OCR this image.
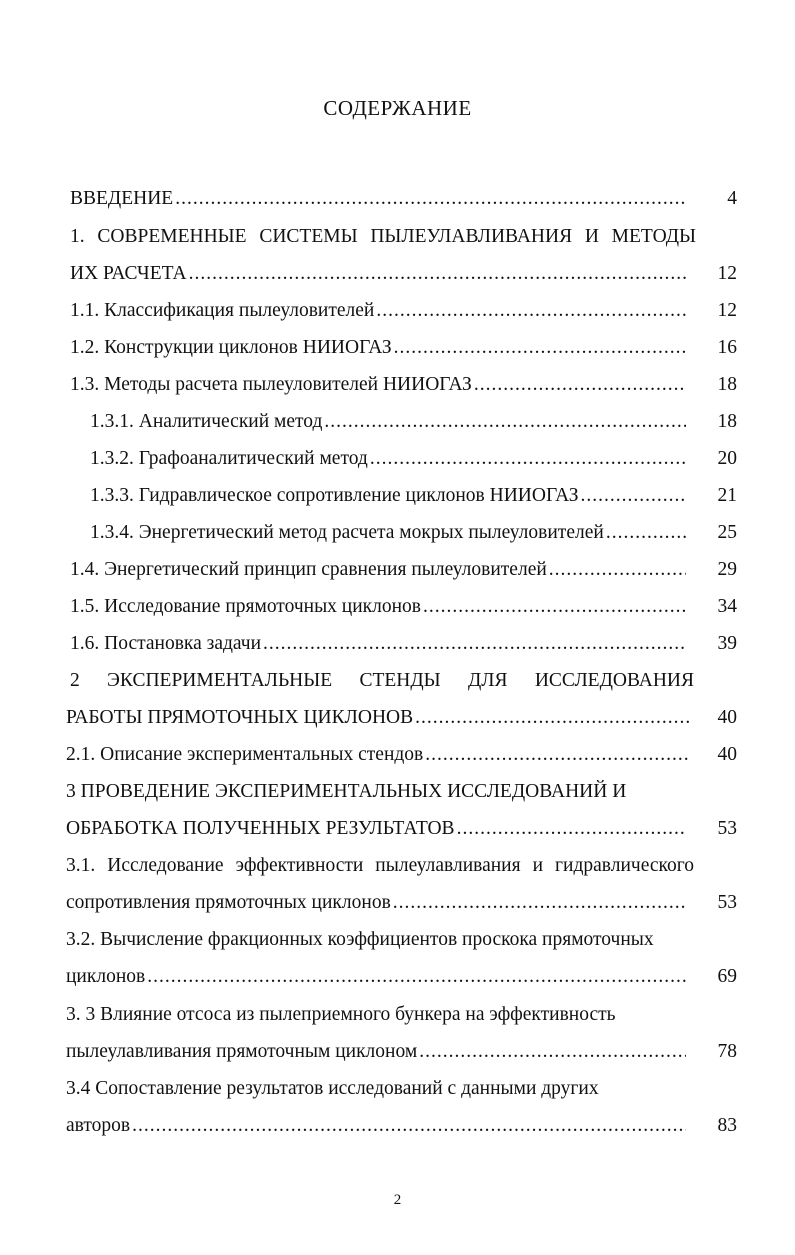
СОДЕРЖАНИЕ
ВВЕДЕНИЕ .....	4
1. СОВРЕМЕННЫЕ СИСТЕМЫ ПЫЛЕУЛАВЛИВАНИЯ И МЕТОДЫ
ИХ РАСЧЕТА .....	12
1.1. Классификация пылеуловителей .....	12
1.2. Конструкции циклонов НИИОГАЗ .....	16
1.3. Методы расчета пылеуловителей НИИОГАЗ .....	18
1.3.1. Аналитический метод .....	18
1.3.2. Графоаналитический метод .....	20
1.3.3. Гидравлическое сопротивление циклонов НИИОГАЗ .....	21
1.3.4. Энергетический метод расчета мокрых пылеуловителей .....	25
1.4. Энергетический принцип сравнения пылеуловителей .....	29
1.5. Исследование прямоточных циклонов .....	34
1.6. Постановка задачи .....	39
2 ЭКСПЕРИМЕНТАЛЬНЫЕ СТЕНДЫ ДЛЯ ИССЛЕДОВАНИЯ
РАБОТЫ ПРЯМОТОЧНЫХ ЦИКЛОНОВ .....	40
2.1. Описание экспериментальных стендов .....	40
3 ПРОВЕДЕНИЕ ЭКСПЕРИМЕНТАЛЬНЫХ ИССЛЕДОВАНИЙ И
ОБРАБОТКА ПОЛУЧЕННЫХ РЕЗУЛЬТАТОВ .....	53
3.1. Исследование эффективности пылеулавливания и гидравлического
сопротивления прямоточных циклонов .....	53
3.2. Вычисление фракционных коэффициентов проскока прямоточных
циклонов .....	69
3. 3 Влияние отсоса из пылеприемного бункера на эффективность
пылеулавливания прямоточным циклоном .....	78
3.4 Сопоставление результатов исследований с данными других
авторов .....	83
2
